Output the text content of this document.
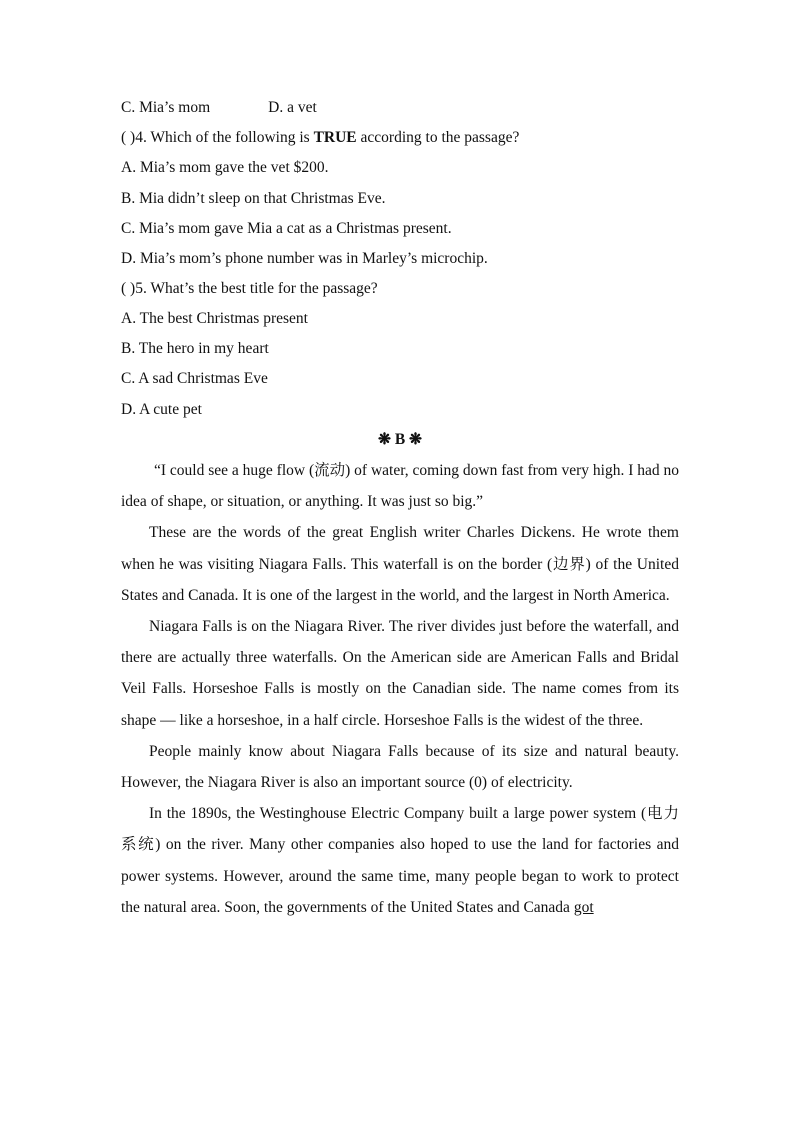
C. Mia’s mom	D. a vet
( )4. Which of the following is TRUE according to the passage?
A. Mia’s mom gave the vet $200.
B. Mia didn’t sleep on that Christmas Eve.
C. Mia’s mom gave Mia a cat as a Christmas present.
D. Mia’s mom’s phone number was in Marley’s microchip.
( )5. What’s the best title for the passage?
A. The best Christmas present
B. The hero in my heart
C. A sad Christmas Eve
D. A cute pet
❋ B ❋

“I could see a huge flow (流动) of water, coming down fast from very high. I had no idea of shape, or situation, or anything. It was just so big.”

These are the words of the great English writer Charles Dickens. He wrote them when he was visiting Niagara Falls. This waterfall is on the border (边界) of the United States and Canada. It is one of the largest in the world, and the largest in North America.

Niagara Falls is on the Niagara River. The river divides just before the waterfall, and there are actually three waterfalls. On the American side are American Falls and Bridal Veil Falls. Horseshoe Falls is mostly on the Canadian side. The name comes from its shape — like a horseshoe, in a half circle. Horseshoe Falls is the widest of the three.

People mainly know about Niagara Falls because of its size and natural beauty. However, the Niagara River is also an important source (0) of electricity.

In the 1890s, the Westinghouse Electric Company built a large power system (电力系统) on the river. Many other companies also hoped to use the land for factories and power systems. However, around the same time, many people began to work to protect the natural area. Soon, the governments of the United States and Canada got
